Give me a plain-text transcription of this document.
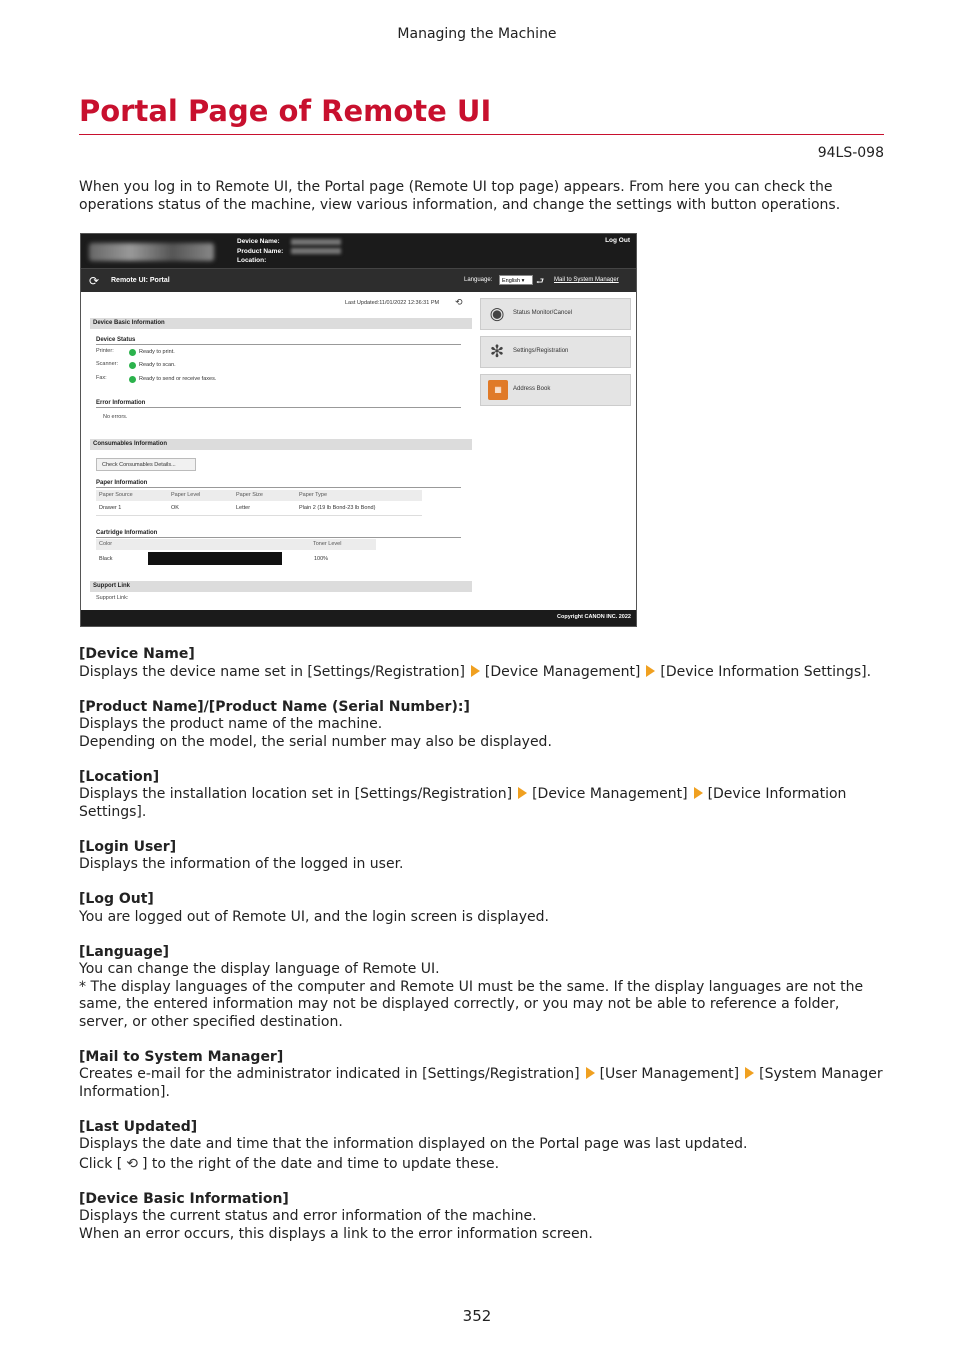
Managing the Machine
Portal Page of Remote UI
94LS-098

When you log in to Remote UI, the Portal page (Remote UI top page) appears. From here you can check the operations status of the machine, view various information, and change the settings with button operations.

Device Name:
Product Name:
Location:
Log Out
⟳	Remote UI: Portal	Language:	English ▾	⮐ Mail to System Manager
Last Updated:11/01/2022 12:36:31 PM ⟲
Device Basic Information
Device Status
Printer:	Ready to print.
Scanner:	Ready to scan.
Fax:	Ready to send or receive faxes.
Error Information
No errors.
Consumables Information
Check Consumables Details...
Paper Information
Paper Source	Paper Level	Paper Size	Paper Type
Drawer 1	OK	Letter	Plain 2 (19 lb Bond-23 lb Bond)
Cartridge Information
Color	Toner Level
Black	100%
Support Link
Support Link:
◉	Status Monitor/Cancel
✻	Settings/Registration
▦	Address Book
Copyright CANON INC. 2022
[Device Name]
Displays the device name set in [Settings/Registration] [Device Management] [Device Information Settings].
[Product Name]/[Product Name (Serial Number):]
Displays the product name of the machine.
Depending on the model, the serial number may also be displayed.
[Location]
Displays the installation location set in [Settings/Registration] [Device Management] [Device Information Settings].
[Login User]
Displays the information of the logged in user.
[Log Out]
You are logged out of Remote UI, and the login screen is displayed.
[Language]
You can change the display language of Remote UI.
* The display languages of the computer and Remote UI must be the same. If the display languages are not the same, the entered information may not be displayed correctly, or you may not be able to reference a folder, server, or other specified destination.
[Mail to System Manager]
Creates e-mail for the administrator indicated in [Settings/Registration] [User Management] [System Manager Information].
[Last Updated]
Displays the date and time that the information displayed on the Portal page was last updated.
Click [ ⟲ ] to the right of the date and time to update these.
[Device Basic Information]
Displays the current status and error information of the machine.
When an error occurs, this displays a link to the error information screen.
352
